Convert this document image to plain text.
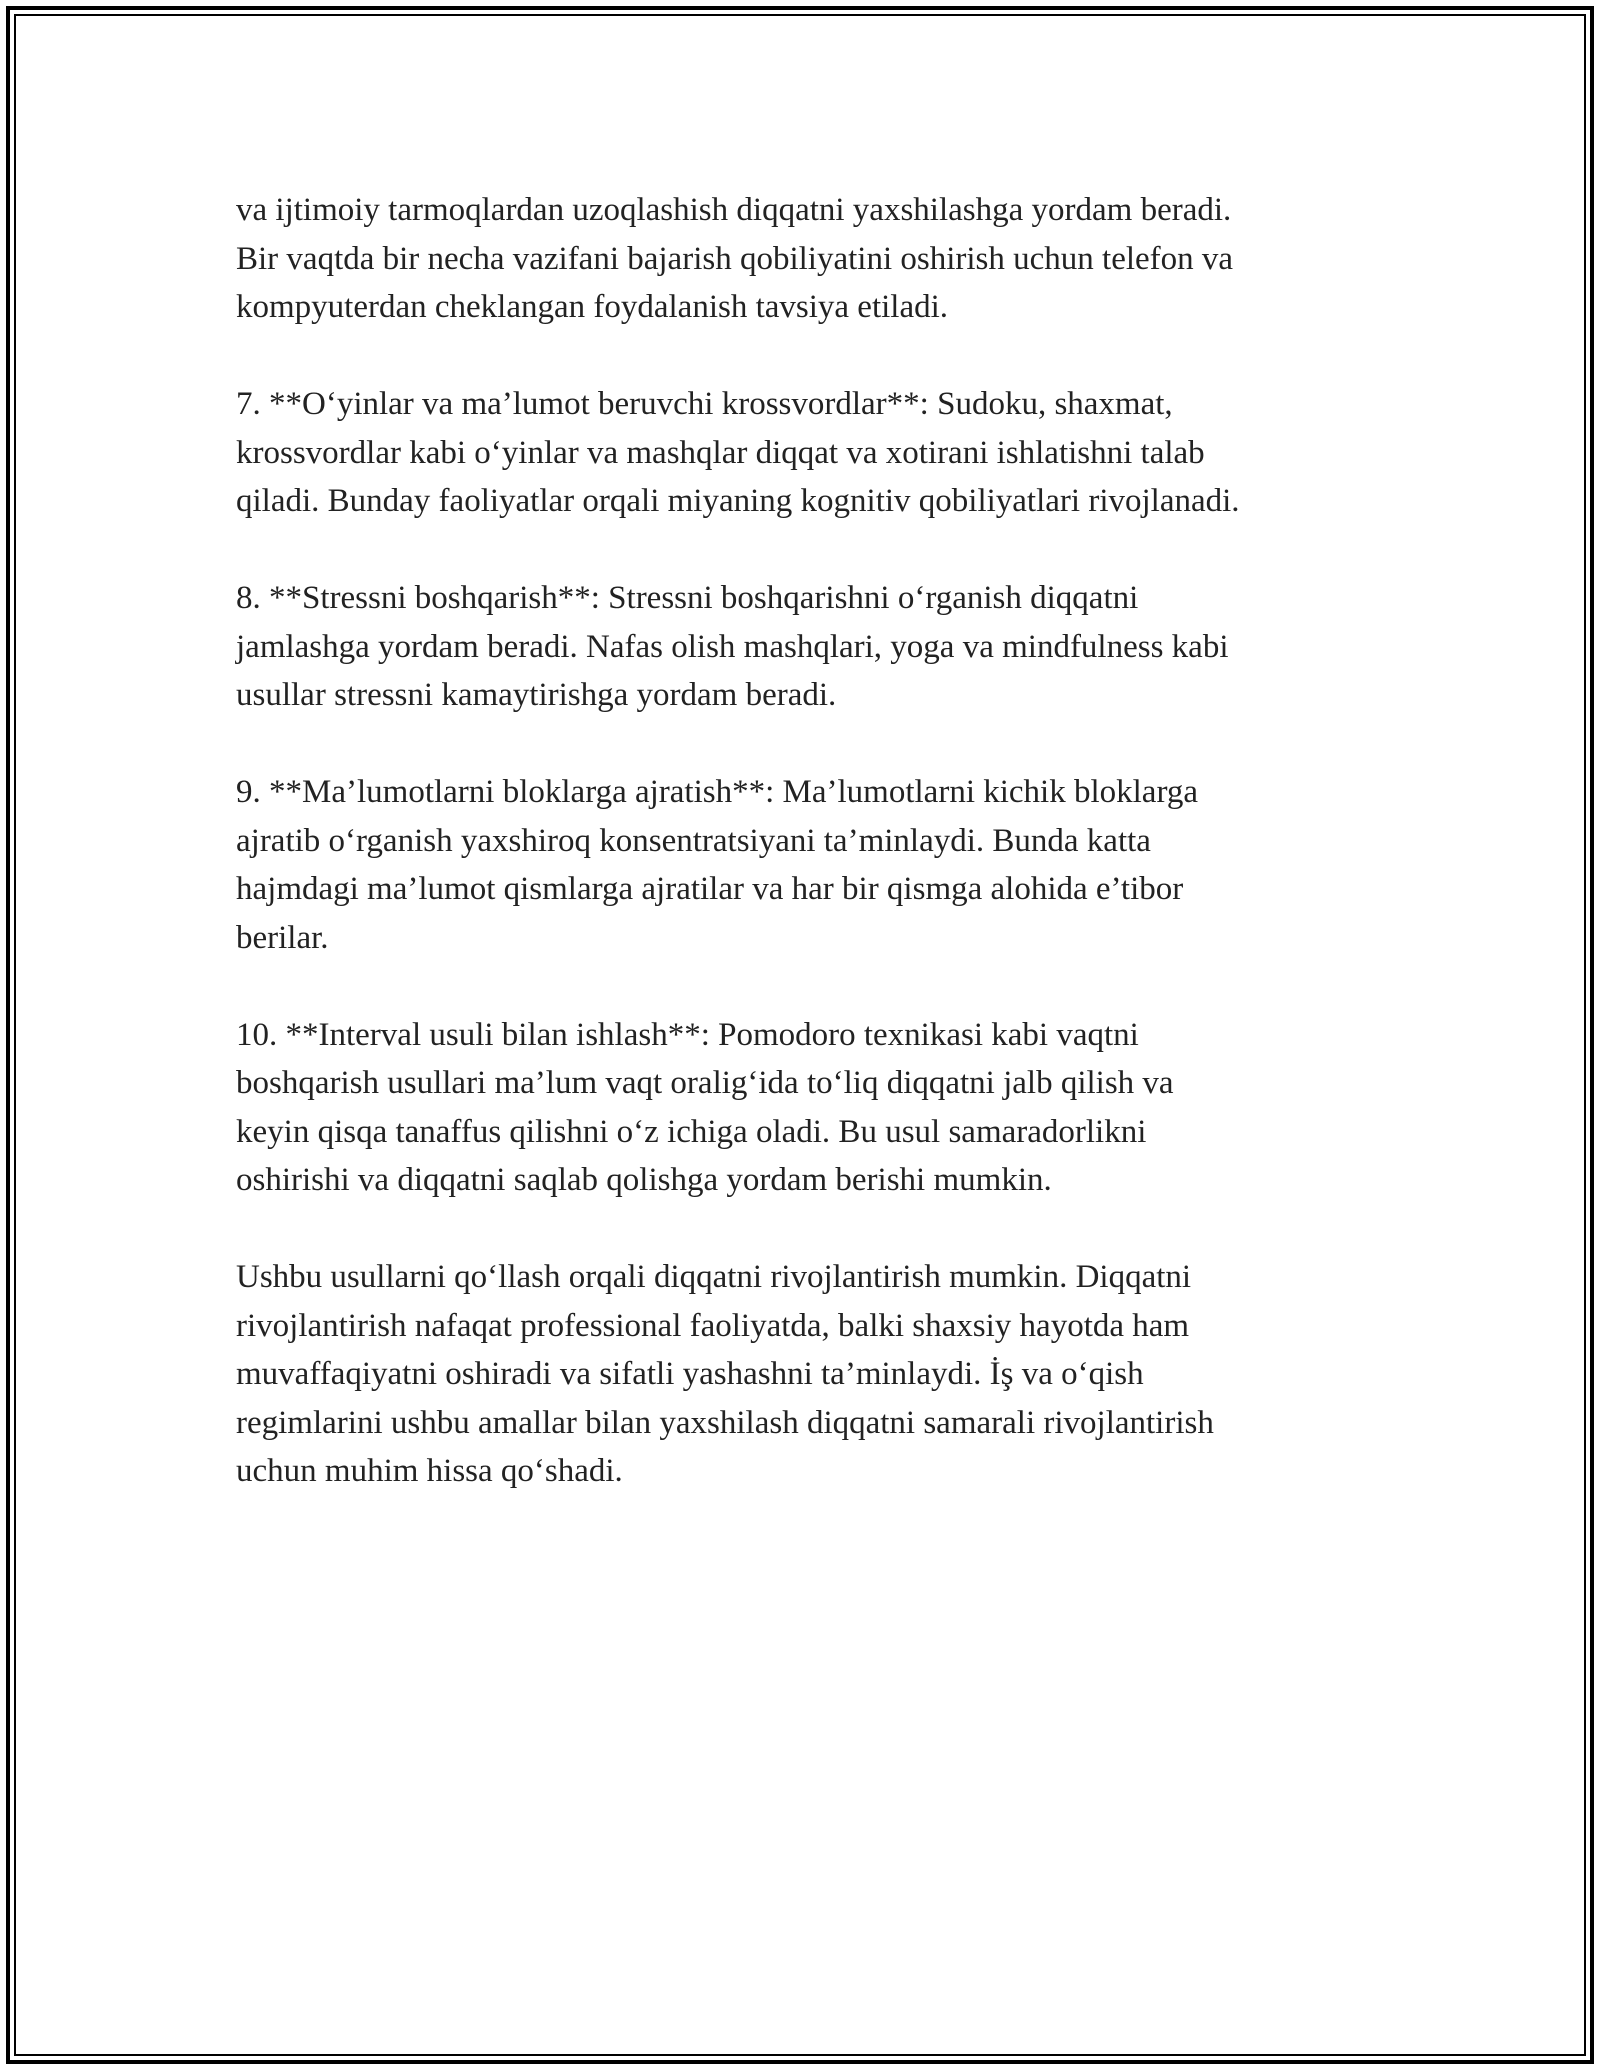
va ijtimoiy tarmoqlardan uzoqlashish diqqatni yaxshilashga yordam beradi.
Bir vaqtda bir necha vazifani bajarish qobiliyatini oshirish uchun telefon va
kompyuterdan cheklangan foydalanish tavsiya etiladi.

7. **O‘yinlar va ma’lumot beruvchi krossvordlar**: Sudoku, shaxmat,
krossvordlar kabi o‘yinlar va mashqlar diqqat va xotirani ishlatishni talab
qiladi. Bunday faoliyatlar orqali miyaning kognitiv qobiliyatlari rivojlanadi.

8. **Stressni boshqarish**: Stressni boshqarishni o‘rganish diqqatni
jamlashga yordam beradi. Nafas olish mashqlari, yoga va mindfulness kabi
usullar stressni kamaytirishga yordam beradi.

9. **Ma’lumotlarni bloklarga ajratish**: Ma’lumotlarni kichik bloklarga
ajratib o‘rganish yaxshiroq konsentratsiyani ta’minlaydi. Bunda katta
hajmdagi ma’lumot qismlarga ajratilar va har bir qismga alohida e’tibor
berilar.

10. **Interval usuli bilan ishlash**: Pomodoro texnikasi kabi vaqtni
boshqarish usullari ma’lum vaqt oralig‘ida to‘liq diqqatni jalb qilish va
keyin qisqa tanaffus qilishni o‘z ichiga oladi. Bu usul samaradorlikni
oshirishi va diqqatni saqlab qolishga yordam berishi mumkin.

Ushbu usullarni qo‘llash orqali diqqatni rivojlantirish mumkin. Diqqatni
rivojlantirish nafaqat professional faoliyatda, balki shaxsiy hayotda ham
muvaffaqiyatni oshiradi va sifatli yashashni ta’minlaydi. İş va o‘qish
regimlarini ushbu amallar bilan yaxshilash diqqatni samarali rivojlantirish
uchun muhim hissa qo‘shadi.
